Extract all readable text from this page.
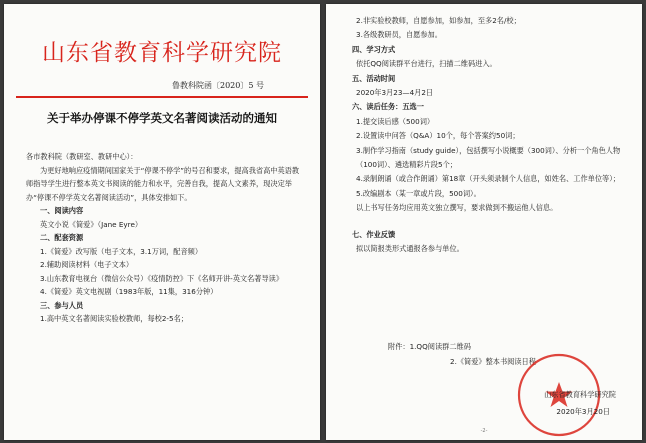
山东省教育科学研究院
鲁教科院函〔2020〕5 号
关于举办停课不停学英文名著阅读活动的通知

各市教科院（教研室、教研中心）：

为更好地响应疫情期间国家关于“停课不停学”的号召和要求，提高我省高中英语教师指导学生进行整本英文书阅读的能力和水平，完善自我，提高人文素养，现决定举办“停课不停学英文名著阅读活动”，具体安排如下。

一、阅读内容

英文小说《简爱》（Jane Eyre）

二、配套资源

1.《简爱》改写版（电子文本，3.1万词，配音频）

2.辅助阅读材料（电子文本）

3.山东教育电视台（微信公众号）《疫情防控》下《名师开讲-英文名著导读》

4.《简爱》英文电视剧（1983年版，11集，316分钟）

三、参与人员

1.高中英文名著阅读实验校教师，每校2-5名；

2.非实验校教师，自愿参加，如参加，至多2名/校；

3.各级教研员，自愿参加。

四、学习方式

依托QQ阅读群平台进行，扫描二维码进入。

五、活动时间

2020年3月23—4月2日

六、读后任务：五选一

1.提交读后感（500词）

2.设置读中问答（Q&A）10个，每个答案约50词；

3.制作学习指南（study guide），包括撰写小说概要（300词）、分析一个角色人物（100词）、遴选精彩片段5个；

4.录制朗诵（或合作朗诵）第18章（开头须录制个人信息，如姓名、工作单位等）；

5.改编剧本（某一章或片段，500词）。

以上书写任务均应用英文独立撰写，要求做到不搬运他人信息。

七、作业反馈

拟以简报类形式通报各参与单位。

附件：1.QQ阅读群二维码

2.《简爱》整本书阅读日程

山东省教育科学研究院
2020年3月20日
-2-
